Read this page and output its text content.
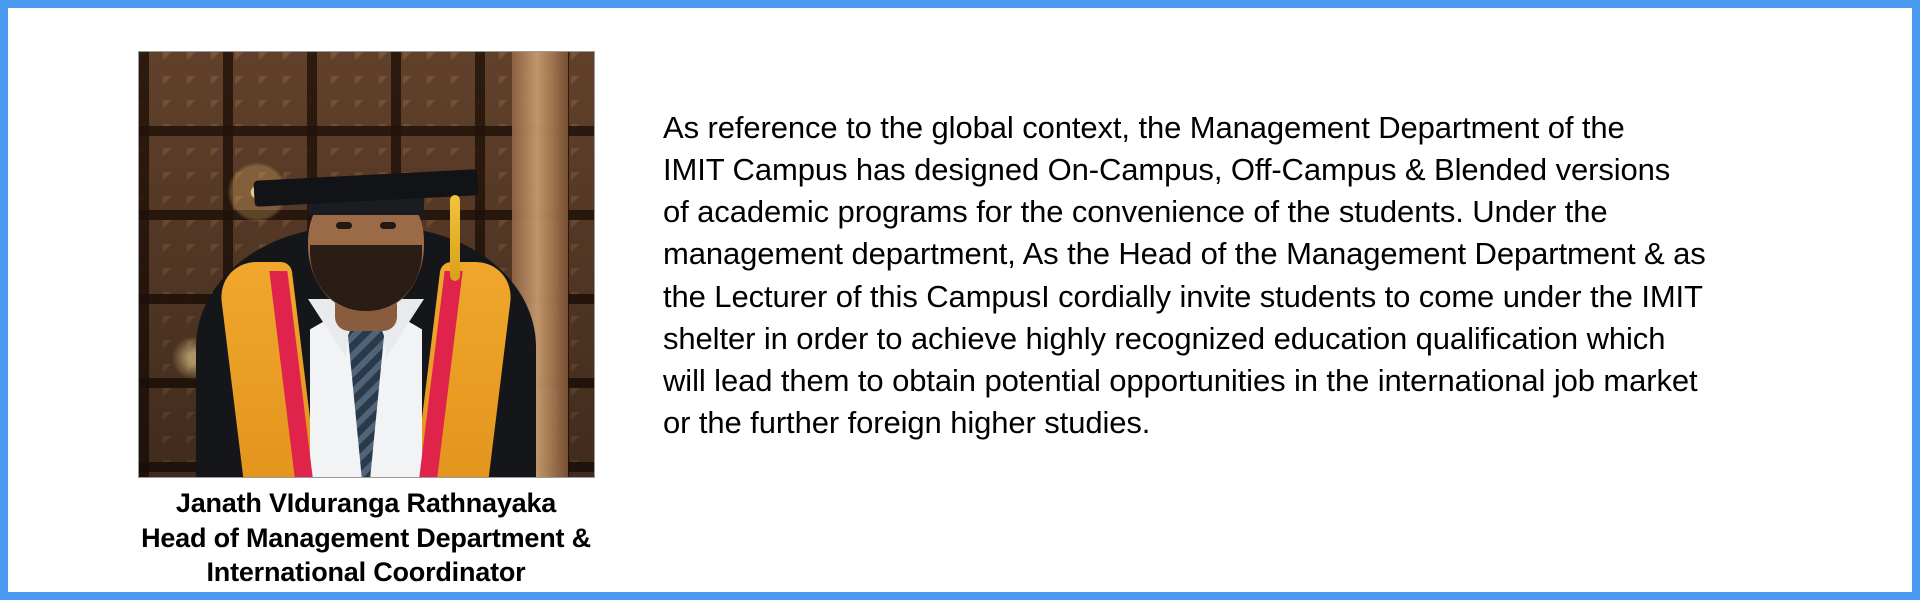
Janath VIduranga Rathnayaka
Head of Management Department &
International Coordinator
As reference to the global context, the Management Department of the
IMIT Campus has designed On-Campus, Off-Campus & Blended versions
of academic programs for the convenience of the students. Under the
management department, As the Head of the Management Department & as
the Lecturer of this CampusI cordially invite students to come under the IMIT
shelter in order to achieve highly recognized education qualification which
will lead them to obtain potential opportunities in the international job market
or the further foreign higher studies.
